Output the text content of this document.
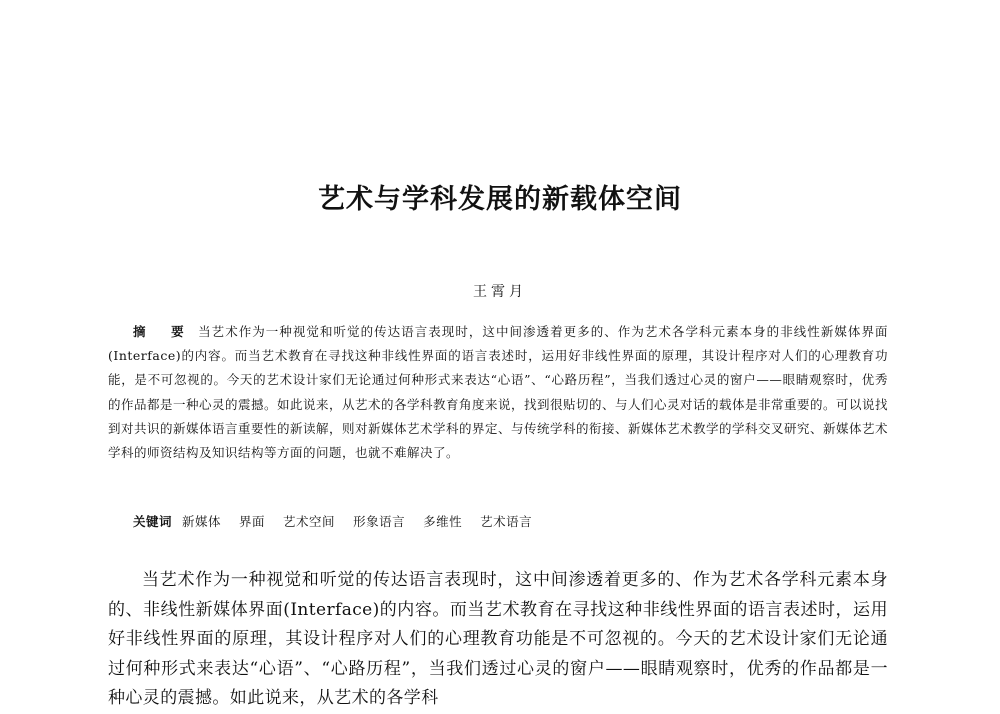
艺术与学科发展的新载体空间
王霄月

摘　要 当艺术作为一种视觉和听觉的传达语言表现时，这中间渗透着更多的、作为艺术各学科元素本身的非线性新媒体界面(Interface)的内容。而当艺术教育在寻找这种非线性界面的语言表述时，运用好非线性界面的原理，其设计程序对人们的心理教育功能，是不可忽视的。今天的艺术设计家们无论通过何种形式来表达“心语”、“心路历程”，当我们透过心灵的窗户——眼睛观察时，优秀的作品都是一种心灵的震撼。如此说来，从艺术的各学科教育角度来说，找到很贴切的、与人们心灵对话的载体是非常重要的。可以说找到对共识的新媒体语言重要性的新读解，则对新媒体艺术学科的界定、与传统学科的衔接、新媒体艺术教学的学科交叉研究、新媒体艺术学科的师资结构及知识结构等方面的问题，也就不难解决了。

关键词 新媒体 界面 艺术空间 形象语言 多维性 艺术语言

当艺术作为一种视觉和听觉的传达语言表现时，这中间渗透着更多的、作为艺术各学科元素本身的、非线性新媒体界面(Interface)的内容。而当艺术教育在寻找这种非线性界面的语言表述时，运用好非线性界面的原理，其设计程序对人们的心理教育功能是不可忽视的。今天的艺术设计家们无论通过何种形式来表达“心语”、“心路历程”，当我们透过心灵的窗户——眼睛观察时，优秀的作品都是一种心灵的震撼。如此说来，从艺术的各学科
